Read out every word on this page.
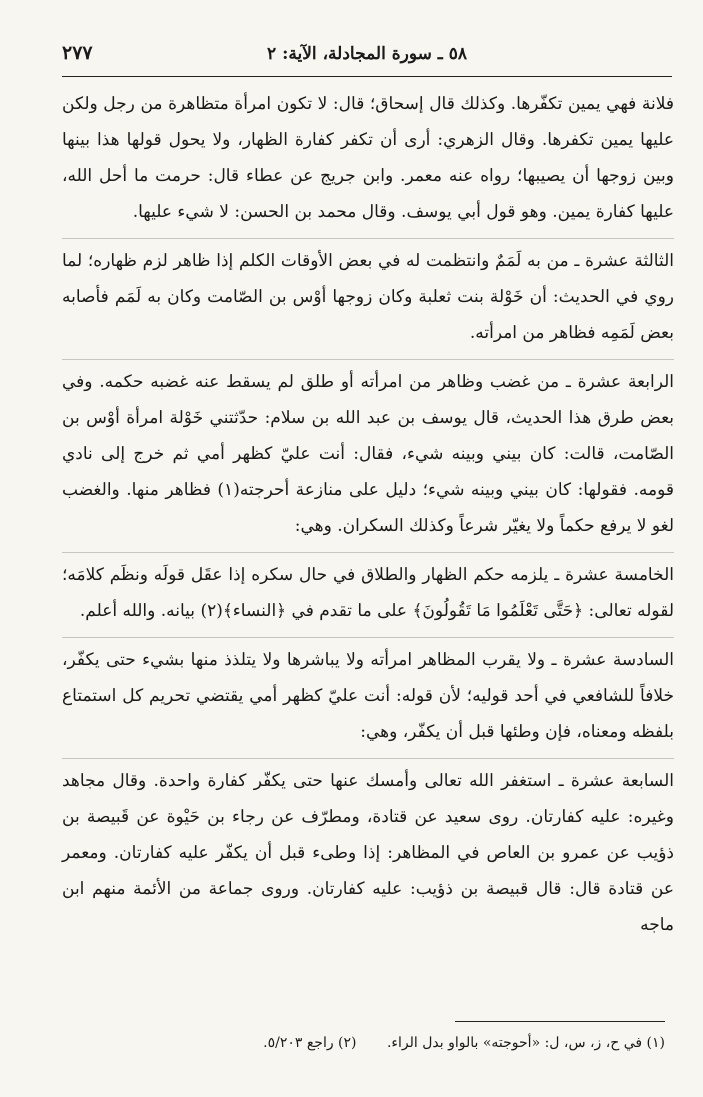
٥٨ ـ سورة المجادلة، الآية: ٢
٢٧٧

فلانة فهي يمين تكفّرها. وكذلك قال إسحاق؛ قال: لا تكون امرأة متظاهرة من رجل ولكن عليها يمين تكفرها. وقال الزهري: أرى أن تكفر كفارة الظهار، ولا يحول قولها هذا بينها وبين زوجها أن يصيبها؛ رواه عنه معمر. وابن جريج عن عطاء قال: حرمت ما أحل الله، عليها كفارة يمين. وهو قول أبي يوسف. وقال محمد بن الحسن: لا شيء عليها.

الثالثة عشرة ـ من به لَمَمٌ وانتظمت له في بعض الأوقات الكلم إذا ظاهر لزم ظهاره؛ لما روي في الحديث: أن خَوْلة بنت ثعلبة وكان زوجها أوْس بن الصّامت وكان به لَمَم فأصابه بعض لَمَمِه فظاهر من امرأته.

الرابعة عشرة ـ من غضب وظاهر من امرأته أو طلق لم يسقط عنه غضبه حكمه. وفي بعض طرق هذا الحديث، قال يوسف بن عبد الله بن سلام: حدّثتني خَوْلة امرأة أوْس بن الصّامت، قالت: كان بيني وبينه شيء، فقال: أنت عليّ كظهر أمي ثم خرج إلى نادي قومه. فقولها: كان بيني وبينه شيء؛ دليل على منازعة أحرجته(١) فظاهر منها. والغضب لغو لا يرفع حكماً ولا يغيّر شرعاً وكذلك السكران. وهي:

الخامسة عشرة ـ يلزمه حكم الظهار والطلاق في حال سكره إذا عقَل قولَه ونظَم كلامَه؛ لقوله تعالى: ﴿حَتَّى تَعْلَمُوا مَا تَقُولُونَ﴾ على ما تقدم في ﴿النساء﴾(٢) بيانه. والله أعلم.

السادسة عشرة ـ ولا يقرب المظاهر امرأته ولا يباشرها ولا يتلذذ منها بشيء حتى يكفّر، خلافاً للشافعي في أحد قوليه؛ لأن قوله: أنت عليّ كظهر أمي يقتضي تحريم كل استمتاع بلفظه ومعناه، فإن وطئها قبل أن يكفّر، وهي:

السابعة عشرة ـ استغفر الله تعالى وأمسك عنها حتى يكفّر كفارة واحدة. وقال مجاهد وغيره: عليه كفارتان. روى سعيد عن قتادة، ومطرّف عن رجاء بن حَيْوة عن قَبيصة بن ذؤيب عن عمرو بن العاص في المظاهر: إذا وطىء قبل أن يكفّر عليه كفارتان. ومعمر عن قتادة قال: قال قبيصة بن ذؤيب: عليه كفارتان. وروى جماعة من الأئمة منهم ابن ماجه

(١) في ح، ز، س، ل: «أحوجته» بالواو بدل الراء. (٢) راجع ٥/٢٠٣.
